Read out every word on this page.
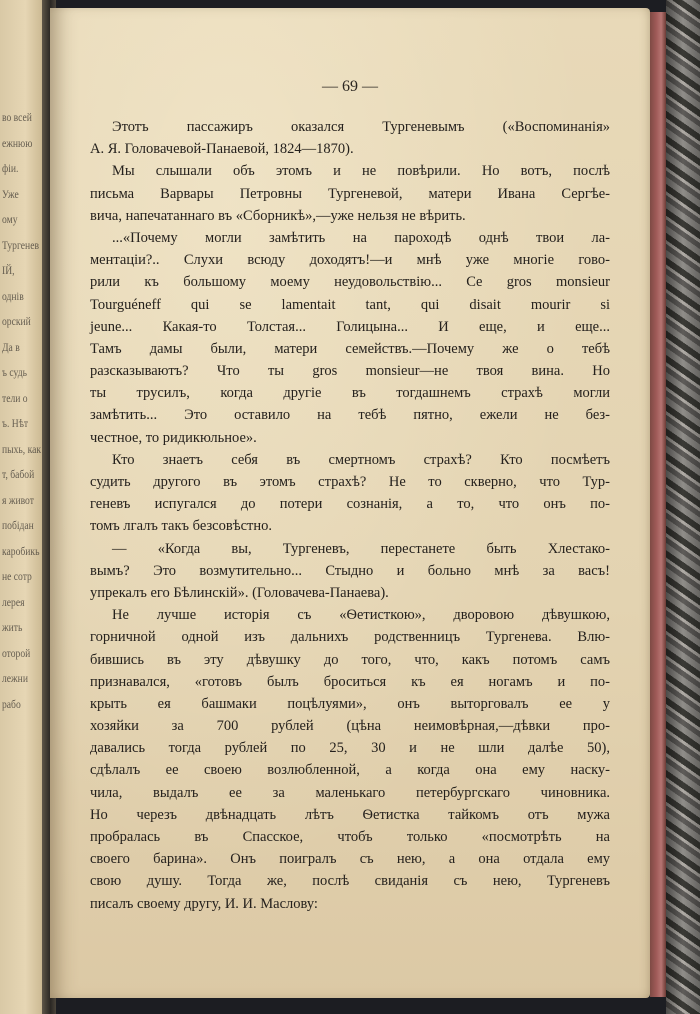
во всей
ежнюю
фіи.
Уже
ому
Тургенев
ІЙ,
однів
орский
Да в
ъ судь
тели о
ъ. Нѣт
пыхь, как
т, бабой
я живот
побідан
каробикь
не сотр
лерея
жить
оторой
лежни
рабо
— 69 —
Этотъ пассажиръ оказался Тургеневымъ («Воспоминанія»
А. Я. Головачевой-Панаевой, 1824—1870).
Мы слышали объ этомъ и не повѣрили. Но вотъ, послѣ
письма Варвары Петровны Тургеневой, матери Ивана Сергѣе-
вича, напечатаннаго въ «Сборникѣ»,—уже нельзя не вѣрить.
...«Почему могли замѣтить на пароходѣ однѣ твои ла-
ментаціи?.. Слухи всюду доходятъ!—и мнѣ уже многіе гово-
рили къ большому моему неудовольствію... Ce gros monsieur
Tourguéneff qui se lamentait tant, qui disait mourir si
jeune... Какая-то Толстая... Голицына... И еще, и еще...
Тамъ дамы были, матери семействъ.—Почему же о тебѣ
разсказываютъ? Что ты gros monsieur—не твоя вина. Но
ты трусилъ, когда другіе въ тогдашнемъ страхѣ могли
замѣтить... Это оставило на тебѣ пятно, ежели не без-
честное, то ридикюльное».
Кто знаетъ себя въ смертномъ страхѣ? Кто посмѣетъ
судить другого въ этомъ страхѣ? Не то скверно, что Тур-
геневъ испугался до потери сознанія, а то, что онъ по-
томъ лгалъ такъ безсовѣстно.
— «Когда вы, Тургеневъ, перестанете быть Хлестако-
вымъ? Это возмутительно... Стыдно и больно мнѣ за васъ!
упрекалъ его Бѣлинскій». (Головачева-Панаева).
Не лучше исторія съ «Ѳетисткою», дворовою дѣвушкою,
горничной одной изъ дальнихъ родственницъ Тургенева. Влю-
бившись въ эту дѣвушку до того, что, какъ потомъ самъ
признавался, «готовъ былъ броситься къ ея ногамъ и по-
крыть ея башмаки поцѣлуями», онъ выторговалъ ее у
хозяйки за 700 рублей (цѣна неимовѣрная,—дѣвки про-
давались тогда рублей по 25, 30 и не шли далѣе 50),
сдѣлалъ ее своею возлюбленной, а когда она ему наску-
чила, выдалъ ее за маленькаго петербургскаго чиновника.
Но черезъ двѣнадцать лѣтъ Ѳетистка тайкомъ отъ мужа
пробралась въ Спасское, чтобъ только «посмотрѣть на
своего барина». Онъ поигралъ съ нею, а она отдала ему
свою душу. Тогда же, послѣ свиданія съ нею, Тургеневъ
писалъ своему другу, И. И. Маслову:
